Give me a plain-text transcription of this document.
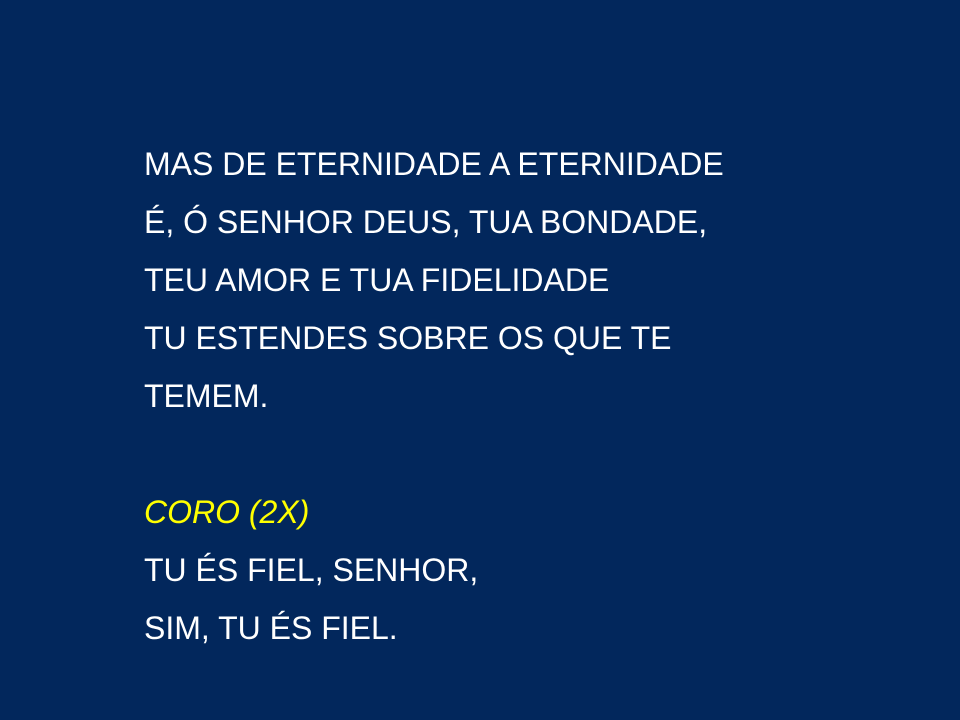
MAS DE ETERNIDADE A ETERNIDADE
É, Ó SENHOR DEUS, TUA BONDADE,
TEU AMOR E TUA FIDELIDADE
TU ESTENDES SOBRE OS QUE TE
TEMEM.
CORO (2X)
TU ÉS FIEL, SENHOR,
SIM, TU ÉS FIEL.
